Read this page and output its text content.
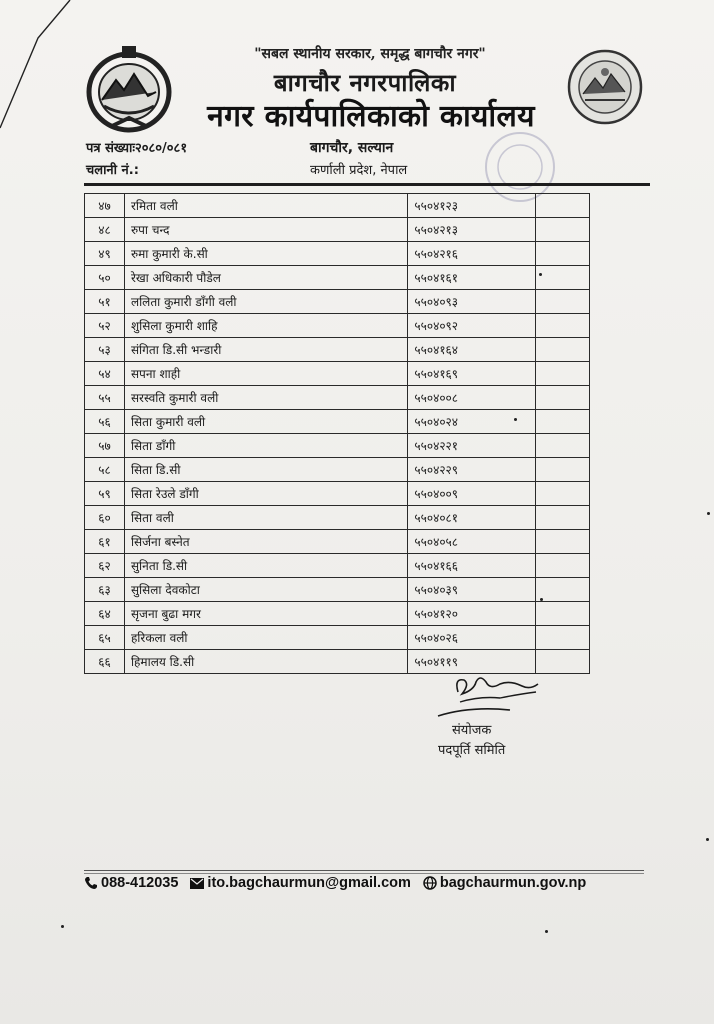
"सबल स्थानीय सरकार, समृद्ध बागचौर नगर"
बागचौर नगरपालिका
नगर कार्यपालिकाको कार्यालय
पत्र संख्याः२०८०/०८१
चलानी नं.:
बागचौर, सल्यान
कर्णाली प्रदेश, नेपाल
४७	रमिता वली	५५०४१२३	
४८	रुपा चन्द	५५०४२१३	
४९	रुमा कुमारी के.सी	५५०४२१६	
५०	रेखा अधिकारी पौडेल	५५०४१६१	
५१	ललिता कुमारी डाँगी वली	५५०४०९३	
५२	शुसिला कुमारी शाहि	५५०४०९२	
५३	संगिता डि.सी भन्डारी	५५०४१६४	
५४	सपना शाही	५५०४१६९	
५५	सरस्वति कुमारी वली	५५०४००८	
५६	सिता कुमारी वली	५५०४०२४	
५७	सिता डाँगी	५५०४२२१	
५८	सिता डि.सी	५५०४२२९	
५९	सिता रेउले डाँगी	५५०४००९	
६०	सिता वली	५५०४०८१	
६१	सिर्जना बस्नेत	५५०४०५८	
६२	सुनिता डि.सी	५५०४१६६	
६३	सुसिला देवकोटा	५५०४०३९	
६४	सृजना बुढा मगर	५५०४१२०	
६५	हरिकला वली	५५०४०२६	
६६	हिमालय डि.सी	५५०४११९	
संयोजक
पदपूर्ति समिति
088-412035 ito.bagchaurmun@gmail.com bagchaurmun.gov.np
